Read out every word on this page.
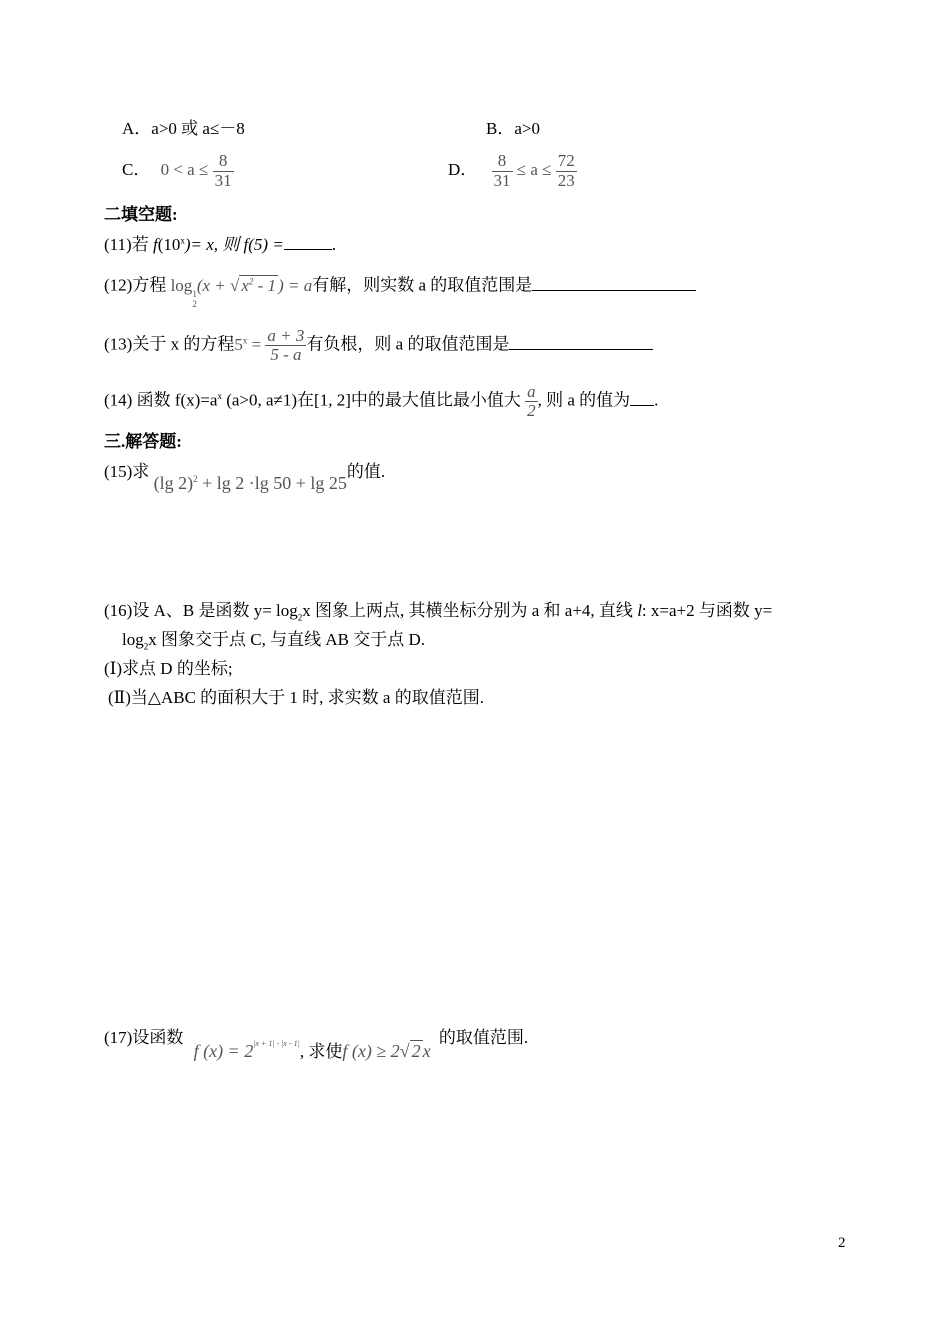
A．a>0 或 a≤－8	B．a>0
C． $0 < a \le \frac{8}{31}$	D． $\frac{8}{31} \le a \le \frac{72}{23}$
二填空题:
(11)若 $f(10^x)= x$, 则 f(5) =	.
(12)方程 log 1
2
(x + √ $x^2 - 1$ ) = a有解，则实数 a 的取值范围是
(13)关于 x 的方程$5^x = \frac{a + 3}{5 - a}$ 有负根，则 a 的取值范围是
(14) 函数 $f(x)=a^x$ (a>0, a≠1)在[1, 2]中的最大值比最小值大 $\frac{a}{2}$ , 则 a 的值为 .
三.解答题:
(15)求 (lg 2)$^2$ + lg 2 ·lg 50 + lg 25的值.
(16)设 A、B 是函数 $y= \log_2x$ 图象上两点, 其横坐标分别为 a 和 a+4, 直线 l: x=a+2 与函数 y=
$\log_2x$ 图象交于点 C, 与直线 AB 交于点 D.
(Ⅰ)求点 D 的坐标;
(Ⅱ)当△ABC 的面积大于 1 时, 求实数 a 的取值范围.
(17)设函数 f $(x) = 2^{|x + 1| - |x - 1|}$, 求使f (x) ≥ 2√ 2 x 的取值范围.
2
